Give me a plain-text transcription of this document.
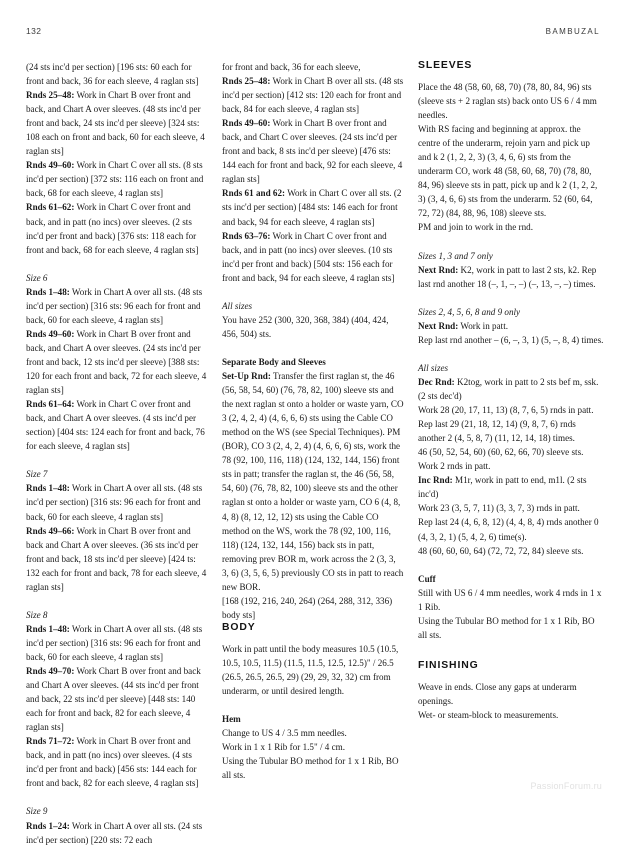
132	BAMBUZAL

(24 sts inc'd per section) [196 sts: 60 each for front and back, 36 for each sleeve, 4 raglan sts]

Rnds 25–48: Work in Chart B over front and back, and Chart A over sleeves. (48 sts inc'd per front and back, 24 sts inc'd per sleeve) [324 sts: 108 each on front and back, 60 for each sleeve, 4 raglan sts]

Rnds 49–60: Work in Chart C over all sts. (8 sts inc'd per section) [372 sts: 116 each on front and back, 68 for each sleeve, 4 raglan sts]

Rnds 61–62: Work in Chart C over front and back, and in patt (no incs) over sleeves. (2 sts inc'd per front and back) [376 sts: 118 each for front and back, 68 for each sleeve, 4 raglan sts]

Size 6

Rnds 1–48: Work in Chart A over all sts. (48 sts inc'd per section) [316 sts: 96 each for front and back, 60 for each sleeve, 4 raglan sts]

Rnds 49–60: Work in Chart B over front and back, and Chart A over sleeves. (24 sts inc'd per front and back, 12 sts inc'd per sleeve) [388 sts: 120 for each front and back, 72 for each sleeve, 4 raglan sts]

Rnds 61–64: Work in Chart C over front and back, and Chart A over sleeves. (4 sts inc'd per section) [404 sts: 124 each for front and back, 76 for each sleeve, 4 raglan sts]

Size 7

Rnds 1–48: Work in Chart A over all sts. (48 sts inc'd per section) [316 sts: 96 each for front and back, 60 for each sleeve, 4 raglan sts]

Rnds 49–66: Work in Chart B over front and back and Chart A over sleeves. (36 sts inc'd per front and back, 18 sts inc'd per sleeve) [424 ts: 132 each for front and back, 78 for each sleeve, 4 raglan sts]

Size 8

Rnds 1–48: Work in Chart A over all sts. (48 sts inc'd per section) [316 sts: 96 each for front and back, 60 for each sleeve, 4 raglan sts]

Rnds 49–70: Work Chart B over front and back and Chart A over sleeves. (44 sts inc'd per front and back, 22 sts inc'd per sleeve) [448 sts: 140 each for front and back, 82 for each sleeve, 4 raglan sts]

Rnds 71–72: Work in Chart B over front and back, and in patt (no incs) over sleeves. (4 sts inc'd per front and back) [456 sts: 144 each for front and back, 82 for each sleeve, 4 raglan sts]

Size 9

Rnds 1–24: Work in Chart A over all sts. (24 sts inc'd per section) [220 sts: 72 each

for front and back, 36 for each sleeve,

Rnds 25–48: Work in Chart B over all sts. (48 sts inc'd per section) [412 sts: 120 each for front and back, 84 for each sleeve, 4 raglan sts]

Rnds 49–60: Work in Chart B over front and back, and Chart C over sleeves. (24 sts inc'd per front and back, 8 sts inc'd per sleeve) [476 sts: 144 each for front and back, 92 for each sleeve, 4 raglan sts]

Rnds 61 and 62: Work in Chart C over all sts. (2 sts inc'd per section) [484 sts: 146 each for front and back, 94 for each sleeve, 4 raglan sts]

Rnds 63–76: Work in Chart C over front and back, and in patt (no incs) over sleeves. (10 sts inc'd per front and back) [504 sts: 156 each for front and back, 94 for each sleeve, 4 raglan sts]

All sizes

You have 252 (300, 320, 368, 384) (404, 424, 456, 504) sts.

Separate Body and Sleeves

Set-Up Rnd: Transfer the first raglan st, the 46 (56, 58, 54, 60) (76, 78, 82, 100) sleeve sts and the next raglan st onto a holder or waste yarn, CO 3 (2, 4, 2, 4) (4, 6, 6, 6) sts using the Cable CO method on the WS (see Special Techniques). PM (BOR), CO 3 (2, 4, 2, 4) (4, 6, 6, 6) sts, work the 78 (92, 100, 116, 118) (124, 132, 144, 156) front sts in patt; transfer the raglan st, the 46 (56, 58, 54, 60) (76, 78, 82, 100) sleeve sts and the other raglan st onto a holder or waste yarn, CO 6 (4, 8, 4, 8) (8, 12, 12, 12) sts using the Cable CO method on the WS, work the 78 (92, 100, 116, 118) (124, 132, 144, 156) back sts in patt, removing prev BOR m, work across the 2 (3, 3, 3, 6) (3, 5, 6, 5) previously CO sts in patt to reach new BOR.

[168 (192, 216, 240, 264) (264, 288, 312, 336) body sts]

BODY

Work in patt until the body measures 10.5 (10.5, 10.5, 10.5, 11.5) (11.5, 11.5, 12.5, 12.5)" / 26.5 (26.5, 26.5, 26.5, 29) (29, 29, 32, 32) cm from underarm, or until desired length.

Hem

Change to US 4 / 3.5 mm needles.

Work in 1 x 1 Rib for 1.5" / 4 cm.

Using the Tubular BO method for 1 x 1 Rib, BO all sts.

SLEEVES

Place the 48 (58, 60, 68, 70) (78, 80, 84, 96) sts (sleeve sts + 2 raglan sts) back onto US 6 / 4 mm needles.

With RS facing and beginning at approx. the centre of the underarm, rejoin yarn and pick up and k 2 (1, 2, 2, 3) (3, 4, 6, 6) sts from the underarm CO, work 48 (58, 60, 68, 70) (78, 80, 84, 96) sleeve sts in patt, pick up and k 2 (1, 2, 2, 3) (3, 4, 6, 6) sts from the underarm. 52 (60, 64, 72, 72) (84, 88, 96, 108) sleeve sts.

PM and join to work in the rnd.

Sizes 1, 3 and 7 only

Next Rnd: K2, work in patt to last 2 sts, k2. Rep last rnd another 18 (–, 1, –, –) (–, 13, –, –) times.

Sizes 2, 4, 5, 6, 8 and 9 only

Next Rnd: Work in patt.

Rep last rnd another – (6, –, 3, 1) (5, –, 8, 4) times.

All sizes

Dec Rnd: K2tog, work in patt to 2 sts bef m, ssk. (2 sts dec'd)

Work 28 (20, 17, 11, 13) (8, 7, 6, 5) rnds in patt.

Rep last 29 (21, 18, 12, 14) (9, 8, 7, 6) rnds another 2 (4, 5, 8, 7) (11, 12, 14, 18) times.

46 (50, 52, 54, 60) (60, 62, 66, 70) sleeve sts.

Work 2 rnds in patt.

Inc Rnd: M1r, work in patt to end, m1l. (2 sts inc'd)

Work 23 (3, 5, 7, 11) (3, 3, 7, 3) rnds in patt.

Rep last 24 (4, 6, 8, 12) (4, 4, 8, 4) rnds another 0 (4, 3, 2, 1) (5, 4, 2, 6) time(s).

48 (60, 60, 60, 64) (72, 72, 72, 84) sleeve sts.

Cuff

Still with US 6 / 4 mm needles, work 4 rnds in 1 x 1 Rib.

Using the Tubular BO method for 1 x 1 Rib, BO all sts.

FINISHING

Weave in ends. Close any gaps at underarm openings.

Wet- or steam-block to measurements.

PassionForum.ru
